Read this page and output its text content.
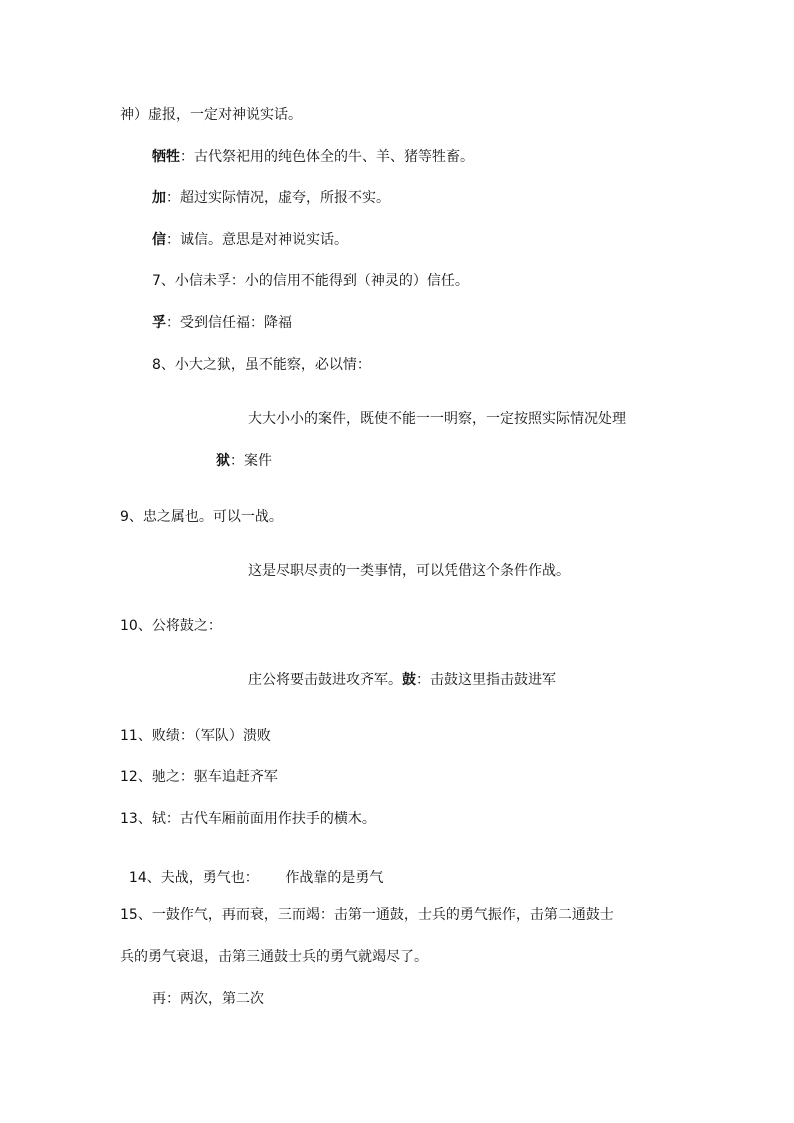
神）虚报，一定对神说实话。
牺牲：古代祭祀用的纯色体全的牛、羊、猪等牲畜。
加：超过实际情况，虚夸，所报不实。
信：诚信。意思是对神说实话。
7、小信未孚：小的信用不能得到（神灵的）信任。
孚：受到信任福：降福
8、小大之狱，虽不能察，必以情：
大大小小的案件，既使不能一一明察，一定按照实际情况处理
狱：案件
9、忠之属也。可以一战。
这是尽职尽责的一类事情，可以凭借这个条件作战。
10、公将鼓之：
庄公将要击鼓进攻齐军。鼓：击鼓这里指击鼓进军
11、败绩：（军队）溃败
12、驰之：驱车追赶齐军
13、轼：古代车厢前面用作扶手的横木。

14、夫战，勇气也：      作战靠的是勇气

15、一鼓作气，再而衰，三而竭：击第一通鼓，士兵的勇气振作，击第二通鼓士
兵的勇气衰退，击第三通鼓士兵的勇气就竭尽了。
再：两次，第二次
